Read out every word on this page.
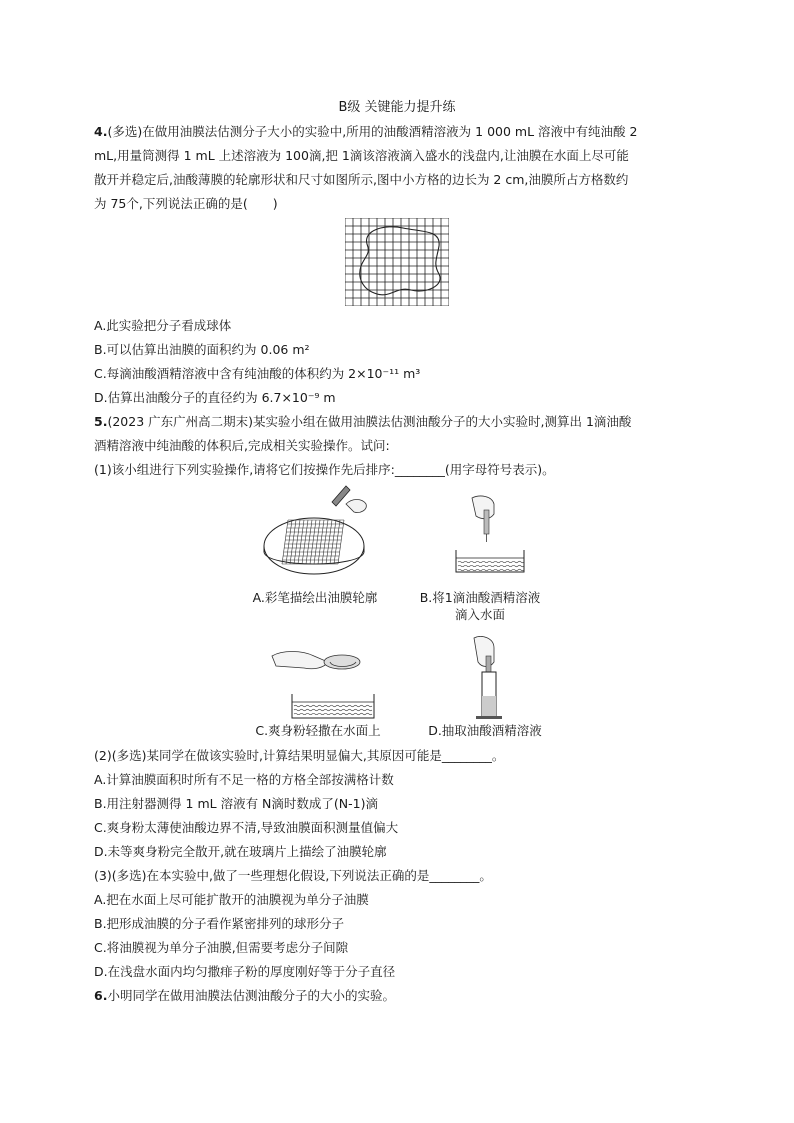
B级 关键能力提升练
4.(多选)在做用油膜法估测分子大小的实验中,所用的油酸酒精溶液为 1 000 mL 溶液中有纯油酸 2
mL,用量筒测得 1 mL 上述溶液为 100滴,把 1滴该溶液滴入盛水的浅盘内,让油膜在水面上尽可能
散开并稳定后,油酸薄膜的轮廓形状和尺寸如图所示,图中小方格的边长为 2 cm,油膜所占方格数约
为 75个,下列说法正确的是(　　)
A.此实验把分子看成球体
B.可以估算出油膜的面积约为 0.06 m²
C.每滴油酸酒精溶液中含有纯油酸的体积约为 2×10⁻¹¹ m³
D.估算出油酸分子的直径约为 6.7×10⁻⁹ m
5.(2023 广东广州高二期末)某实验小组在做用油膜法估测油酸分子的大小实验时,测算出 1滴油酸
酒精溶液中纯油酸的体积后,完成相关实验操作。试问:
(1)该小组进行下列实验操作,请将它们按操作先后排序:________(用字母符号表示)。
A.彩笔描绘出油膜轮廓	B.将1滴油酸酒精溶液
滴入水面
C.爽身粉轻撒在水面上	D.抽取油酸酒精溶液
(2)(多选)某同学在做该实验时,计算结果明显偏大,其原因可能是________。
A.计算油膜面积时所有不足一格的方格全部按满格计数
B.用注射器测得 1 mL 溶液有 N滴时数成了(N-1)滴
C.爽身粉太薄使油酸边界不清,导致油膜面积测量值偏大
D.未等爽身粉完全散开,就在玻璃片上描绘了油膜轮廓
(3)(多选)在本实验中,做了一些理想化假设,下列说法正确的是________。
A.把在水面上尽可能扩散开的油膜视为单分子油膜
B.把形成油膜的分子看作紧密排列的球形分子
C.将油膜视为单分子油膜,但需要考虑分子间隙
D.在浅盘水面内均匀撒痱子粉的厚度刚好等于分子直径
6.小明同学在做用油膜法估测油酸分子的大小的实验。
